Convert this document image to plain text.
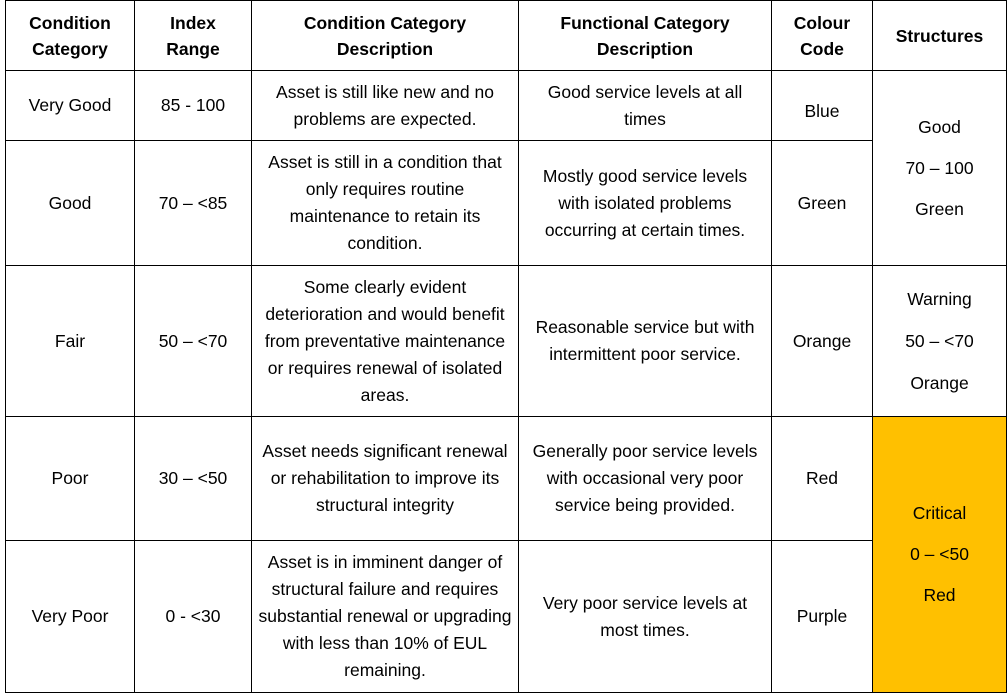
Condition Category	Index Range	Condition Category Description	Functional Category Description	Colour Code	Structures
Very Good	85 - 100	Asset is still like new and no problems are expected.	Good service levels at all times	Blue	Good
70 – 100
Green

Good	70 – <85	Asset is still in a condition that only requires routine maintenance to retain its condition.	Mostly good service levels with isolated problems occurring at certain times.	Green	
Fair	50 – <70	Some clearly evident deterioration and would benefit from preventative maintenance or requires renewal of isolated areas.	Reasonable service but with intermittent poor service.	Orange	Warning
50 – <70
Orange

Poor	30 – <50	Asset needs significant renewal or rehabilitation to improve its structural integrity	Generally poor service levels with occasional very poor service being provided.	Red	Critical
0 – <50
Red

Very Poor	0 - <30	Asset is in imminent danger of structural failure and requires substantial renewal or upgrading with less than 10% of EUL remaining.	Very poor service levels at most times.	Purple	
